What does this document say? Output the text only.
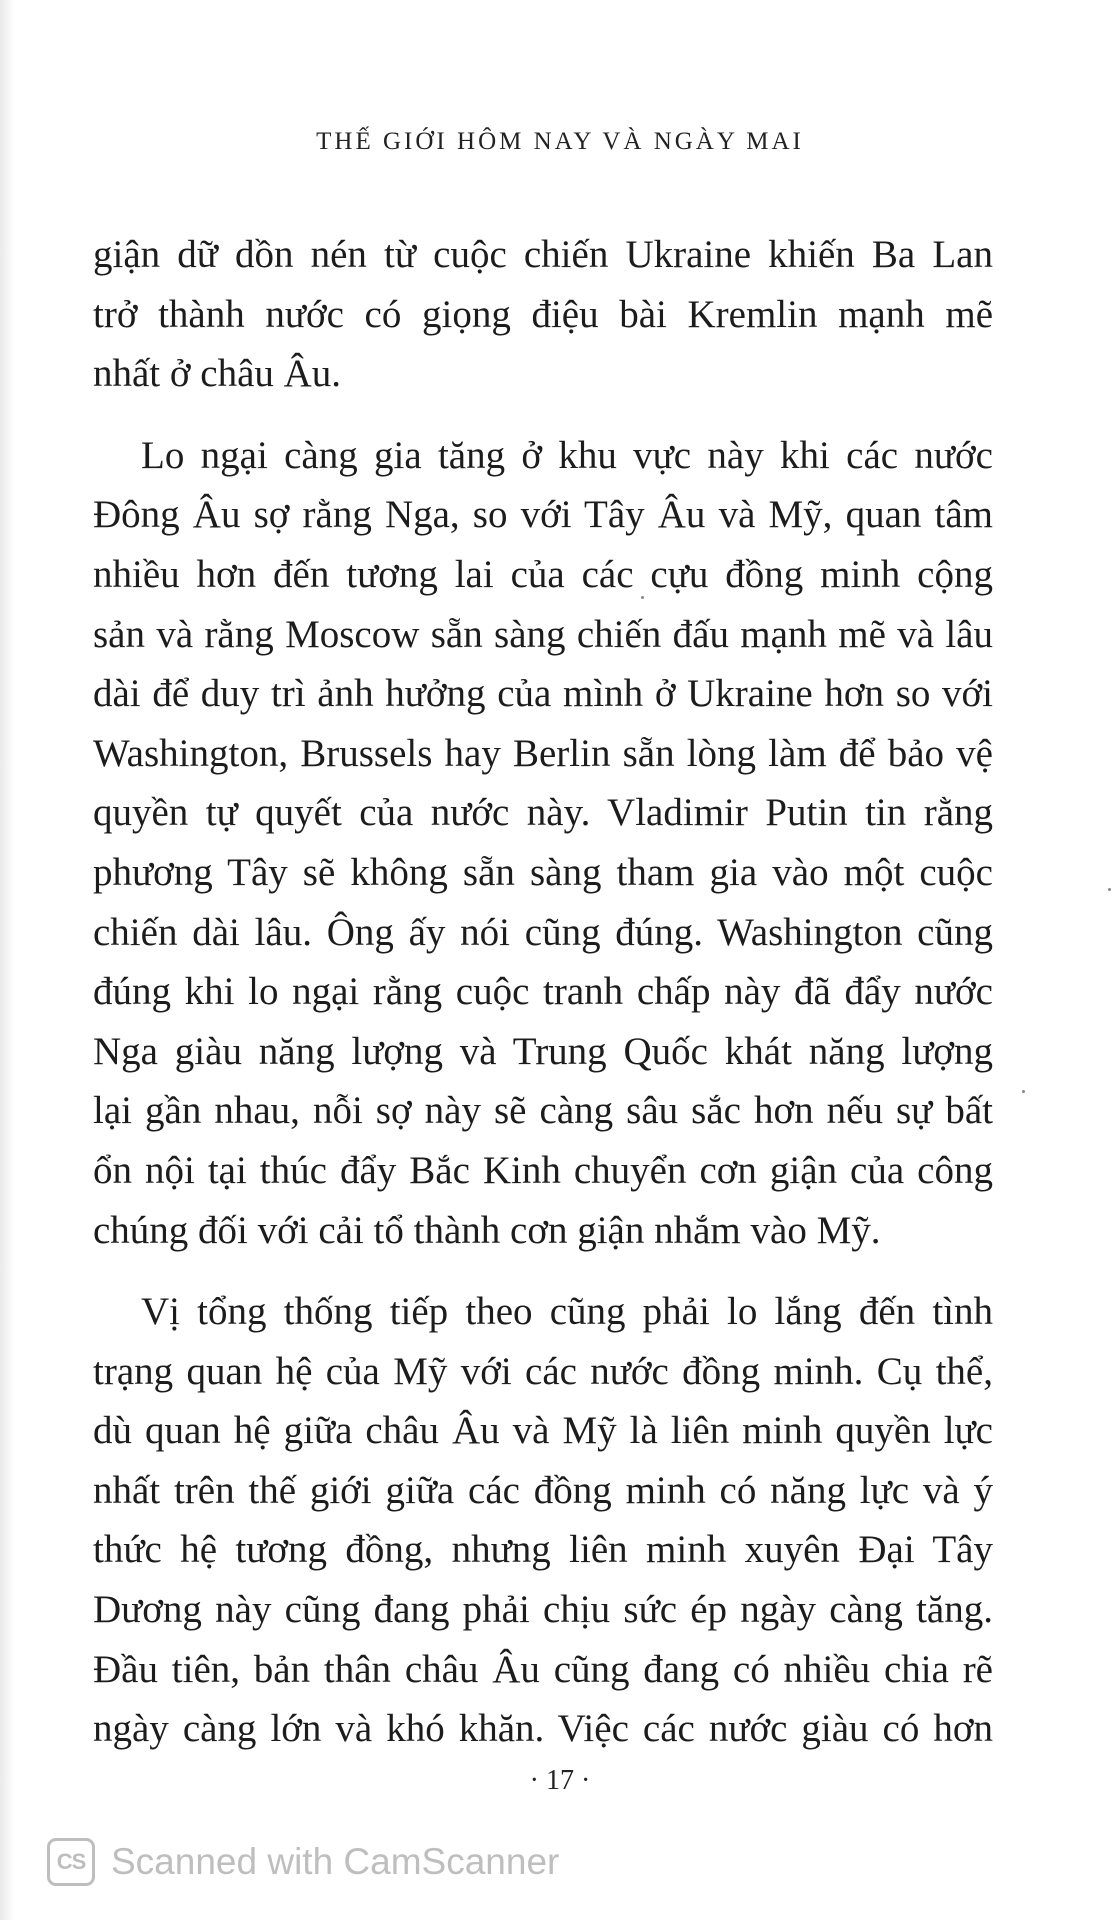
THẾ GIỚI HÔM NAY VÀ NGÀY MAI
giận dữ dồn nén từ cuộc chiến Ukraine khiến Ba Lan
trở thành nước có giọng điệu bài Kremlin mạnh mẽ
nhất ở châu Âu.
Lo ngại càng gia tăng ở khu vực này khi các nước
Đông Âu sợ rằng Nga, so với Tây Âu và Mỹ, quan tâm
nhiều hơn đến tương lai của các cựu đồng minh cộng
sản và rằng Moscow sẵn sàng chiến đấu mạnh mẽ và lâu
dài để duy trì ảnh hưởng của mình ở Ukraine hơn so với
Washington, Brussels hay Berlin sẵn lòng làm để bảo vệ
quyền tự quyết của nước này. Vladimir Putin tin rằng
phương Tây sẽ không sẵn sàng tham gia vào một cuộc
chiến dài lâu. Ông ấy nói cũng đúng. Washington cũng
đúng khi lo ngại rằng cuộc tranh chấp này đã đẩy nước
Nga giàu năng lượng và Trung Quốc khát năng lượng
lại gần nhau, nỗi sợ này sẽ càng sâu sắc hơn nếu sự bất
ổn nội tại thúc đẩy Bắc Kinh chuyển cơn giận của công
chúng đối với cải tổ thành cơn giận nhắm vào Mỹ.
Vị tổng thống tiếp theo cũng phải lo lắng đến tình
trạng quan hệ của Mỹ với các nước đồng minh. Cụ thể,
dù quan hệ giữa châu Âu và Mỹ là liên minh quyền lực
nhất trên thế giới giữa các đồng minh có năng lực và ý
thức hệ tương đồng, nhưng liên minh xuyên Đại Tây
Dương này cũng đang phải chịu sức ép ngày càng tăng.
Đầu tiên, bản thân châu Âu cũng đang có nhiều chia rẽ
ngày càng lớn và khó khăn. Việc các nước giàu có hơn
· 17 ·
CS Scanned with CamScanner
